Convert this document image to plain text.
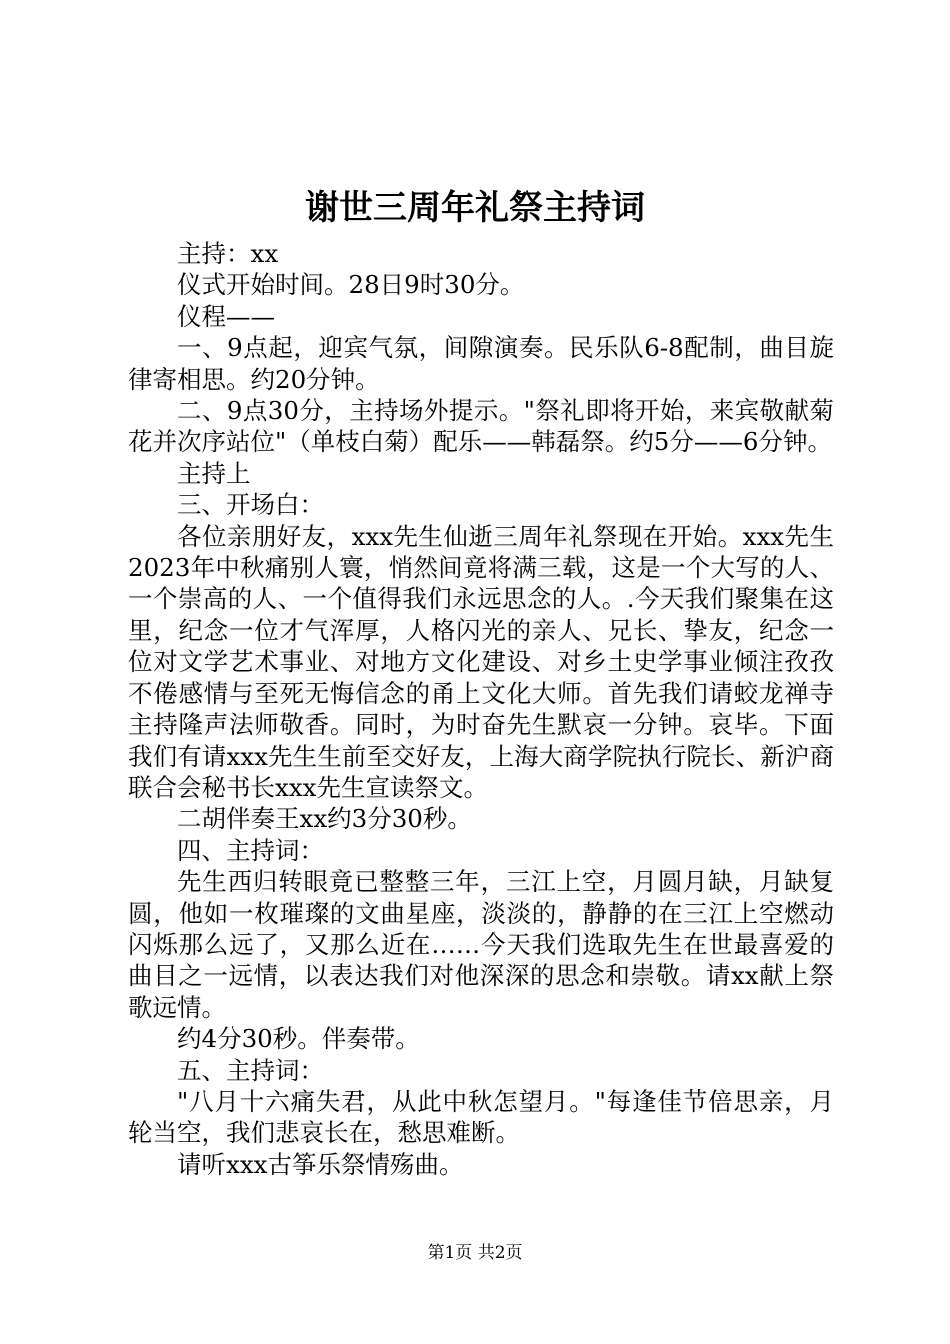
谢世三周年礼祭主持词

主持：xx

仪式开始时间。28日9时30分。

仪程——

一、9点起，迎宾气氛，间隙演奏。民乐队6-8配制，曲目旋律寄相思。约20分钟。

二、9点30分，主持场外提示。"祭礼即将开始，来宾敬献菊花并次序站位"（单枝白菊）配乐——韩磊祭。约5分——6分钟。

主持上

三、开场白：

各位亲朋好友，xxx先生仙逝三周年礼祭现在开始。xxx先生2023年中秋痛别人寰，悄然间竟将满三载，这是一个大写的人、一个崇高的人、一个值得我们永远思念的人。.今天我们聚集在这里，纪念一位才气浑厚，人格闪光的亲人、兄长、挚友，纪念一位对文学艺术事业、对地方文化建设、对乡土史学事业倾注孜孜不倦感情与至死无悔信念的甬上文化大师。首先我们请蛟龙禅寺主持隆声法师敬香。同时，为时奋先生默哀一分钟。哀毕。下面我们有请xxx先生生前至交好友，上海大商学院执行院长、新沪商联合会秘书长xxx先生宣读祭文。

二胡伴奏王xx约3分30秒。

四、主持词：

先生西归转眼竟已整整三年，三江上空，月圆月缺，月缺复圆，他如一枚璀璨的文曲星座，淡淡的，静静的在三江上空燃动闪烁那么远了，又那么近在……今天我们选取先生在世最喜爱的曲目之一远情，以表达我们对他深深的思念和崇敬。请xx献上祭歌远情。

约4分30秒。伴奏带。

五、主持词：

"八月十六痛失君，从此中秋怎望月。"每逢佳节倍思亲，月轮当空，我们悲哀长在，愁思难断。

请听xxx古筝乐祭情殇曲。

第1页 共2页
